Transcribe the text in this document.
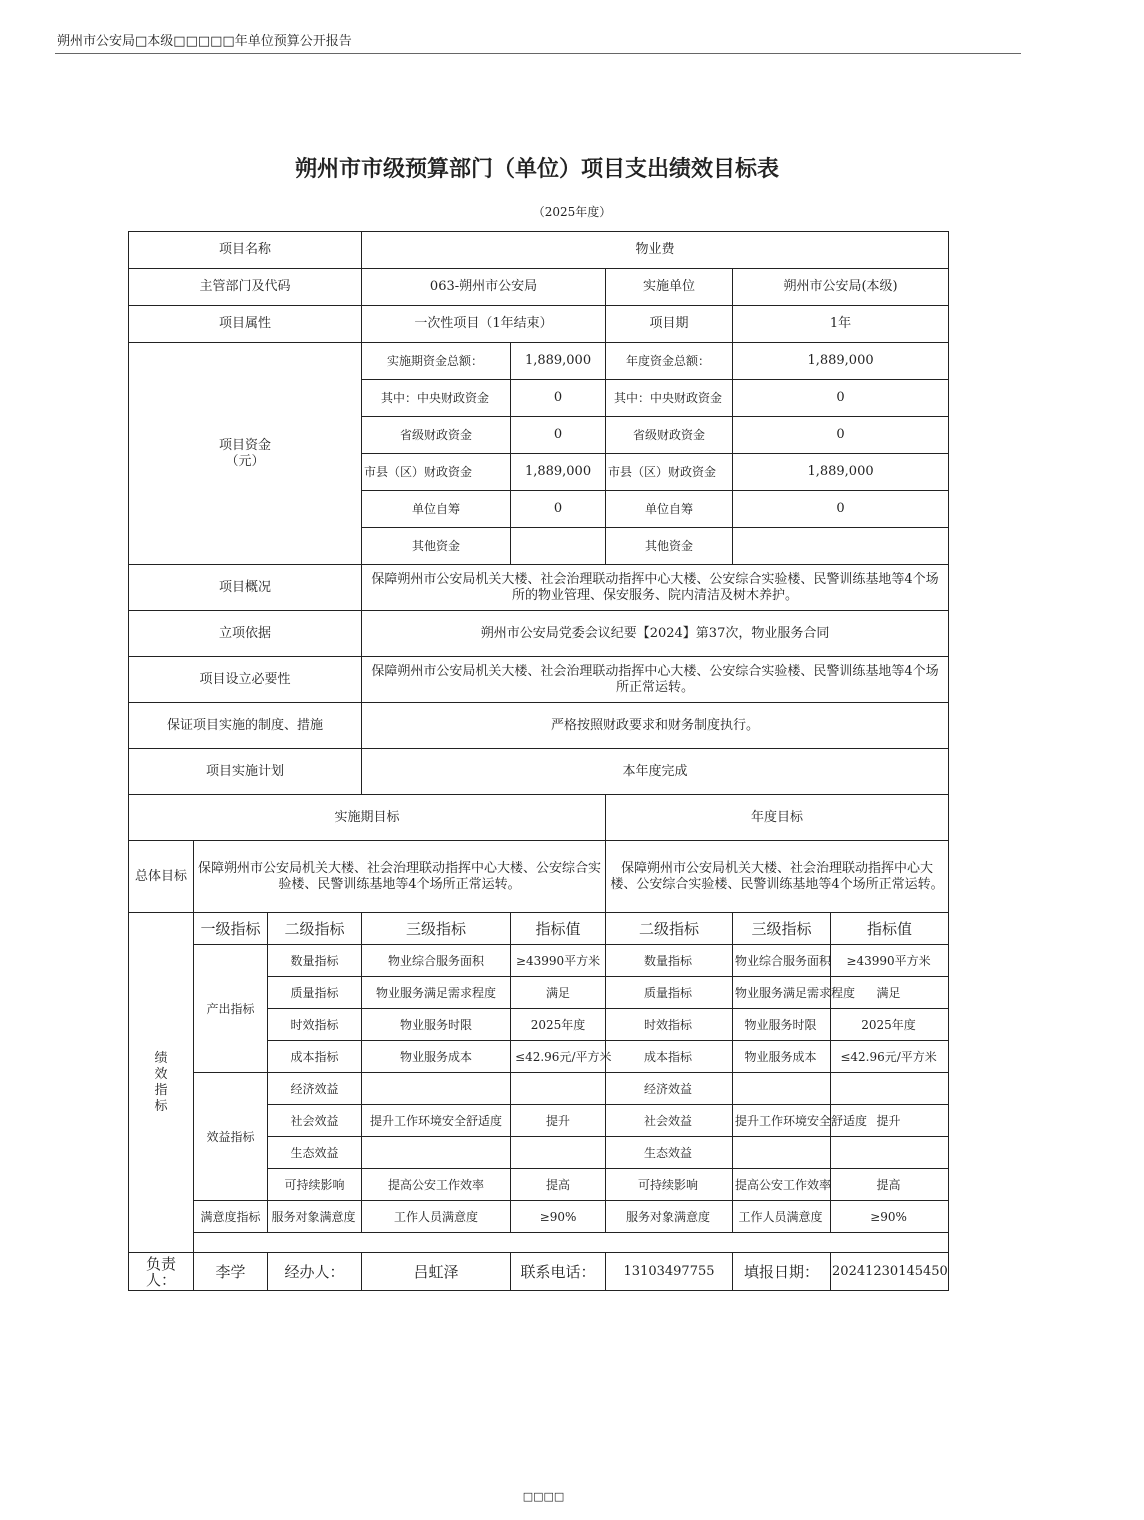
朔州市公安局□本级□□□□□年单位预算公开报告
朔州市市级预算部门（单位）项目支出绩效目标表
（2025年度）
项目名称			物业费				
主管部门及代码			063-朔州市公安局		实施单位	朔州市公安局(本级)	
项目属性			一次性项目（1年结束）		项目期	1年	

项目资金
（元）			实施期资金总额：	1,889,000	年度资金总额：	1,889,000	
			其中：中央财政资金	0	其中：中央财政资金	0	
			省级财政资金	0	省级财政资金	0	
			市县（区）财政资金	1,889,000	市县（区）财政资金	1,889,000	
			单位自筹	0	单位自筹	0	
			其他资金		其他资金		
项目概况			保障朔州市公安局机关大楼、社会治理联动指挥中心大楼、公安综合实验楼、民警训练基地等4个场所的物业管理、保安服务、院内清洁及树木养护。				
立项依据			朔州市公安局党委会议纪要【2024】第37次，物业服务合同				
项目设立必要性			保障朔州市公安局机关大楼、社会治理联动指挥中心大楼、公安综合实验楼、民警训练基地等4个场所正常运转。				
保证项目实施的制度、措施			严格按照财政要求和财务制度执行。				
项目实施计划			本年度完成				
实施期目标					年度目标		
总体目标	保障朔州市公安局机关大楼、社会治理联动指挥中心大楼、公安综合实验楼、民警训练基地等4个场所正常运转。				保障朔州市公安局机关大楼、社会治理联动指挥中心大楼、公安综合实验楼、民警训练基地等4个场所正常运转。		

绩
效
指
标	一级指标	二级指标	三级指标	指标值	二级指标	三级指标	指标值
	产出指标	数量指标	物业综合服务面积	≥43990平方米	数量指标	物业综合服务面积	≥43990平方米
		质量指标	物业服务满足需求程度	满足	质量指标	物业服务满足需求程度	满足
		时效指标	物业服务时限	2025年度	时效指标	物业服务时限	2025年度
		成本指标	物业服务成本	≤42.96元/平方米	成本指标	物业服务成本	≤42.96元/平方米
	效益指标	经济效益			经济效益		
		社会效益	提升工作环境安全舒适度	提升	社会效益	提升工作环境安全舒适度	提升
		生态效益			生态效益		
		可持续影响	提高公安工作效率	提高	可持续影响	提高公安工作效率	提高
	满意度指标	服务对象满意度	工作人员满意度	≥90%	服务对象满意度	工作人员满意度	≥90%

负责人：	李学	经办人：	吕虹泽	联系电话：	13103497755	填报日期：	20241230145450
□□□□
